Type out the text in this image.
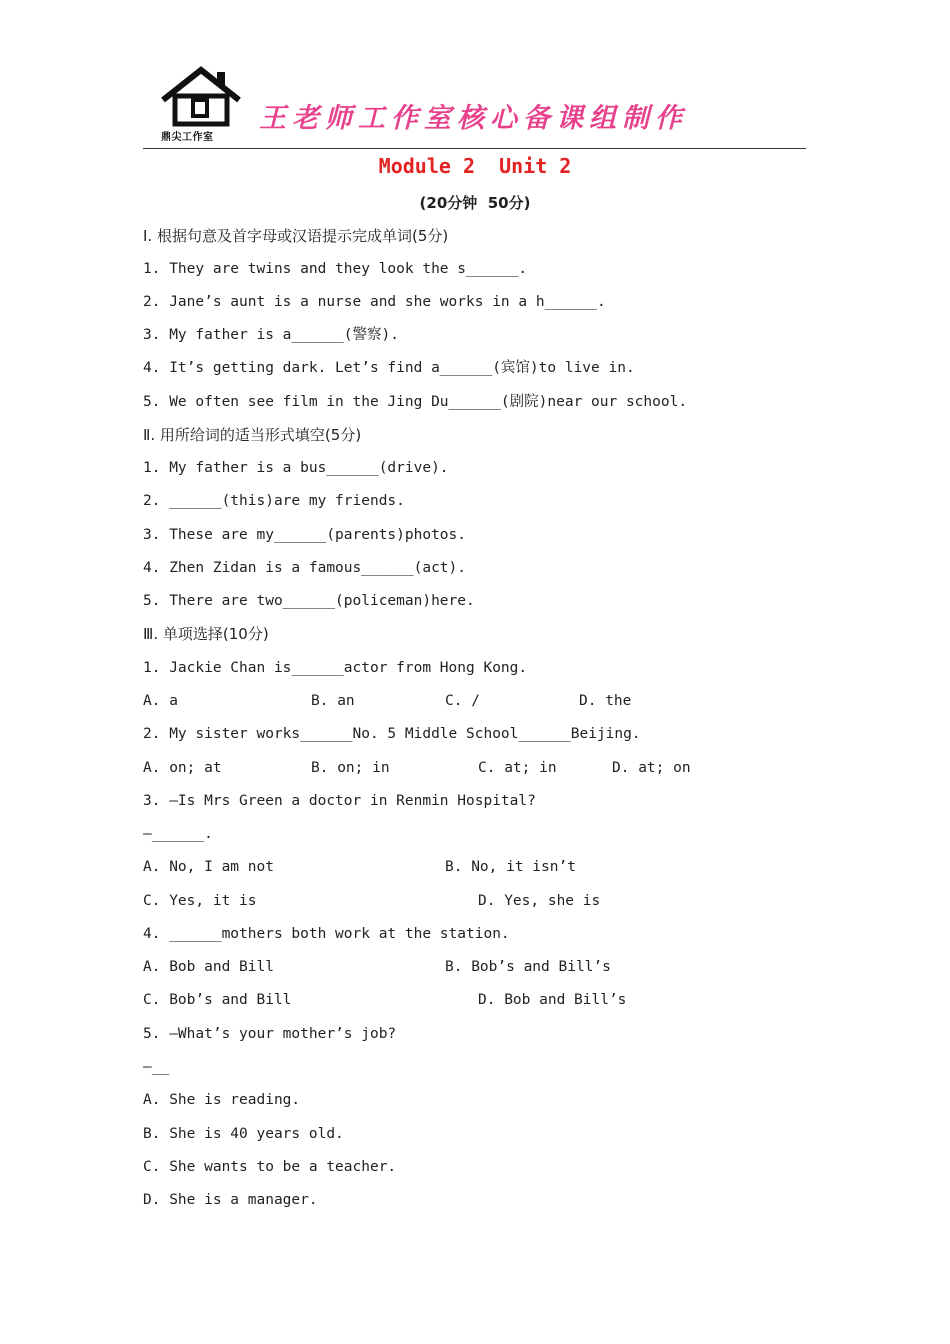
鼎尖工作室
王老师工作室核心备课组制作
Module 2  Unit 2
(20分钟  50分)
Ⅰ. 根据句意及首字母或汉语提示完成单词(5分)
1. They are twins and they look the s______.
2. Jane’s aunt is a nurse and she works in a h______.
3. My father is a______(警察).
4. It’s getting dark. Let’s find a______(宾馆)to live in.
5. We often see film in the Jing Du______(剧院)near our school.
Ⅱ. 用所给词的适当形式填空(5分)
1. My father is a bus______(drive).
2. ______(this)are my friends.
3. These are my______(parents)photos.
4. Zhen Zidan is a famous______(act).
5. There are two______(policeman)here.
Ⅲ. 单项选择(10分)
1. Jackie Chan is______actor from Hong Kong.
A. a	B. an	C. /	D. the
2. My sister works______No. 5 Middle School______Beijing.
A. on; at	B. on; in	C. at; in	D. at; on
3. —Is Mrs Green a doctor in Renmin Hospital?
—______.
A. No, I am not	B. No, it isn’t
C. Yes, it is	D. Yes, she is
4. ______mothers both work at the station.
A. Bob and Bill	B. Bob’s and Bill’s
C. Bob’s and Bill	D. Bob and Bill’s
5. —What’s your mother’s job?
—__
A. She is reading.
B. She is 40 years old.
C. She wants to be a teacher.
D. She is a manager.
